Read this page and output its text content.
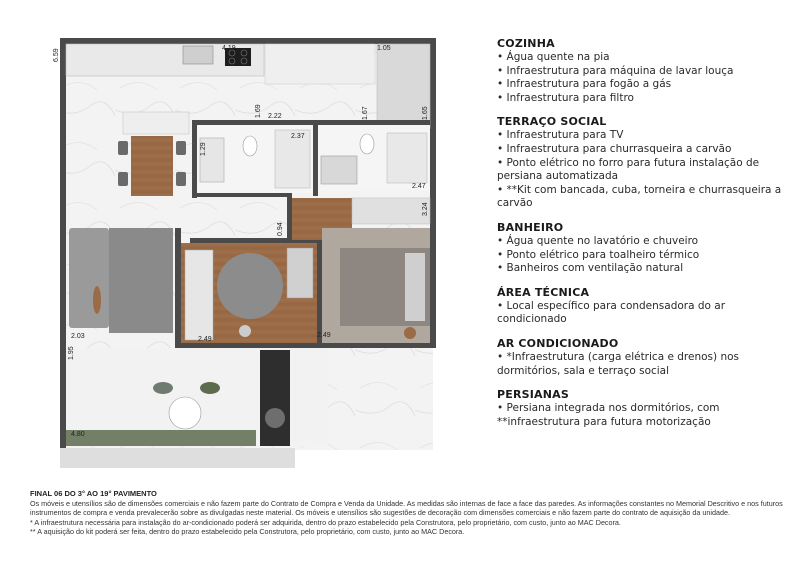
6.59	4.19	1.05
1.69 2.22	1.67	1.65
2.37
1.29
2.47
3.24
0.94
2.03	2.49
2.49
1.95
4.80
COZINHA
• Água quente na pia
• Infraestrutura para máquina de lavar louça
• Infraestrutura para fogão a gás
• Infraestrutura para filtro
TERRAÇO SOCIAL
• Infraestrutura para TV
• Infraestrutura para churrasqueira a carvão
• Ponto elétrico no forro para futura instalação de persiana automatizada
• **Kit com bancada, cuba, torneira e churrasqueira a carvão
BANHEIRO
• Água quente no lavatório e chuveiro
• Ponto elétrico para toalheiro térmico
• Banheiros com ventilação natural
ÁREA TÉCNICA
• Local específico para condensadora do ar condicionado
AR CONDICIONADO
• *Infraestrutura (carga elétrica e drenos) nos dormitórios, sala e terraço social
PERSIANAS
• Persiana integrada nos dormitórios, com **infraestrutura para futura motorização
FINAL 06 DO 3° AO 19° PAVIMENTO
Os móveis e utensílios são de dimensões comerciais e não fazem parte do Contrato de Compra e Venda da Unidade. As medidas são internas de face a face das paredes. As informações constantes no Memorial Descritivo e nos futuros instrumentos de compra e venda prevalecerão sobre as divulgadas neste material. Os móveis e utensílios são sugestões de decoração com dimensões comerciais e não fazem parte do contrato de aquisição da unidade.
* A infraestrutura necessária para instalação do ar-condicionado poderá ser adquirida, dentro do prazo estabelecido pela Construtora, pelo proprietário, com custo, junto ao MAC Decora.
** A aquisição do kit poderá ser feita, dentro do prazo estabelecido pela Construtora, pelo proprietário, com custo, junto ao MAC Decora.
